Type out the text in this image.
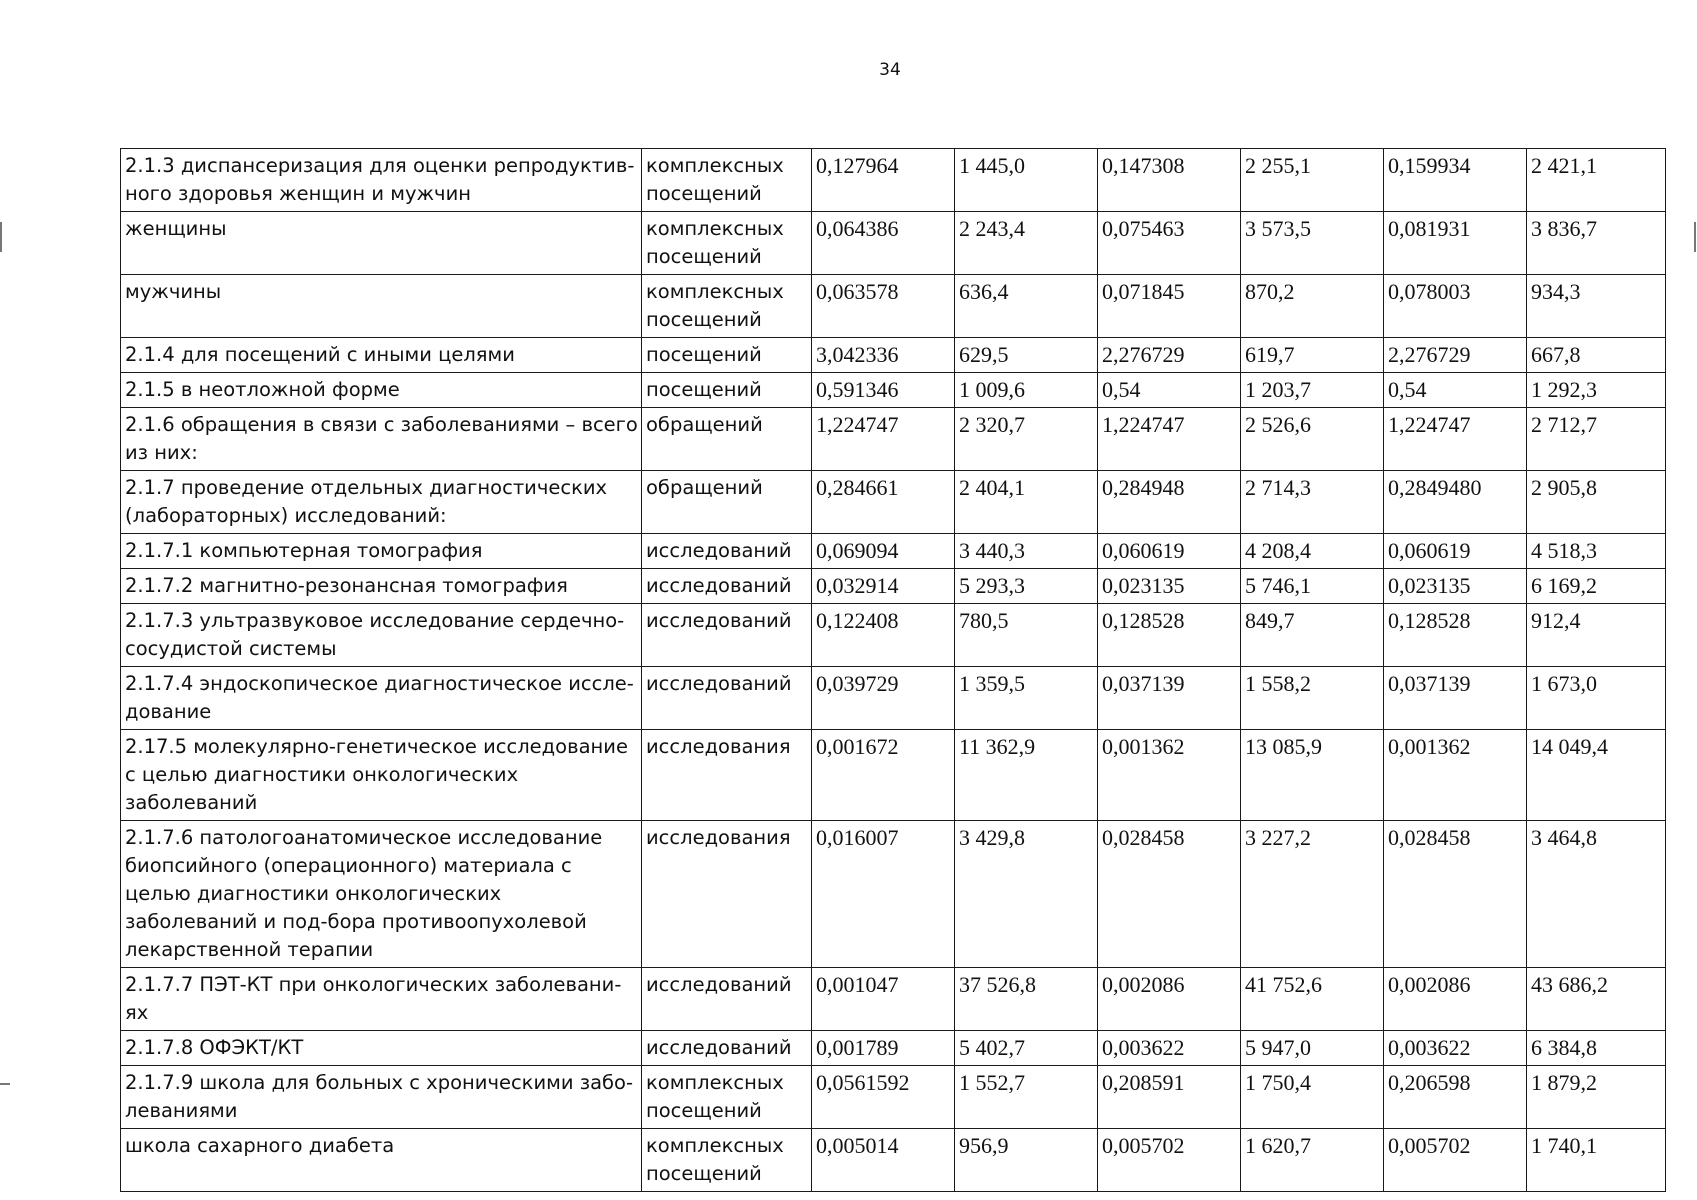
34
2.1.3 диспансеризация для оценки репродуктив-ного здоровья женщин и мужчин	комплексных посещений	0,127964	1 445,0	0,147308	2 255,1	0,159934	2 421,1
женщины	комплексных посещений	0,064386	2 243,4	0,075463	3 573,5	0,081931	3 836,7
мужчины	комплексных посещений	0,063578	636,4	0,071845	870,2	0,078003	934,3
2.1.4 для посещений с иными целями	посещений	3,042336	629,5	2,276729	619,7	2,276729	667,8
2.1.5 в неотложной форме	посещений	0,591346	1 009,6	0,54	1 203,7	0,54	1 292,3
2.1.6 обращения в связи с заболеваниями – всего из них:	обращений	1,224747	2 320,7	1,224747	2 526,6	1,224747	2 712,7
2.1.7 проведение отдельных диагностических (лабораторных) исследований:	обращений	0,284661	2 404,1	0,284948	2 714,3	0,2849480	2 905,8
2.1.7.1 компьютерная томография	исследований	0,069094	3 440,3	0,060619	4 208,4	0,060619	4 518,3
2.1.7.2 магнитно-резонансная томография	исследований	0,032914	5 293,3	0,023135	5 746,1	0,023135	6 169,2
2.1.7.3 ультразвуковое исследование сердечно-сосудистой системы	исследований	0,122408	780,5	0,128528	849,7	0,128528	912,4
2.1.7.4 эндоскопическое диагностическое иссле-дование	исследований	0,039729	1 359,5	0,037139	1 558,2	0,037139	1 673,0
2.17.5 молекулярно-генетическое исследование с целью диагностики онкологических заболеваний	исследования	0,001672	11 362,9	0,001362	13 085,9	0,001362	14 049,4
2.1.7.6 патологоанатомическое исследование биопсийного (операционного) материала с целью диагностики онкологических заболеваний и под-бора противоопухолевой лекарственной терапии	исследования	0,016007	3 429,8	0,028458	3 227,2	0,028458	3 464,8
2.1.7.7 ПЭТ-КТ при онкологических заболевани-ях	исследований	0,001047	37 526,8	0,002086	41 752,6	0,002086	43 686,2
2.1.7.8 ОФЭКТ/КТ	исследований	0,001789	5 402,7	0,003622	5 947,0	0,003622	6 384,8
2.1.7.9 школа для больных с хроническими забо-леваниями	комплексных посещений	0,0561592	1 552,7	0,208591	1 750,4	0,206598	1 879,2
школа сахарного диабета	комплексных посещений	0,005014	956,9	0,005702	1 620,7	0,005702	1 740,1
